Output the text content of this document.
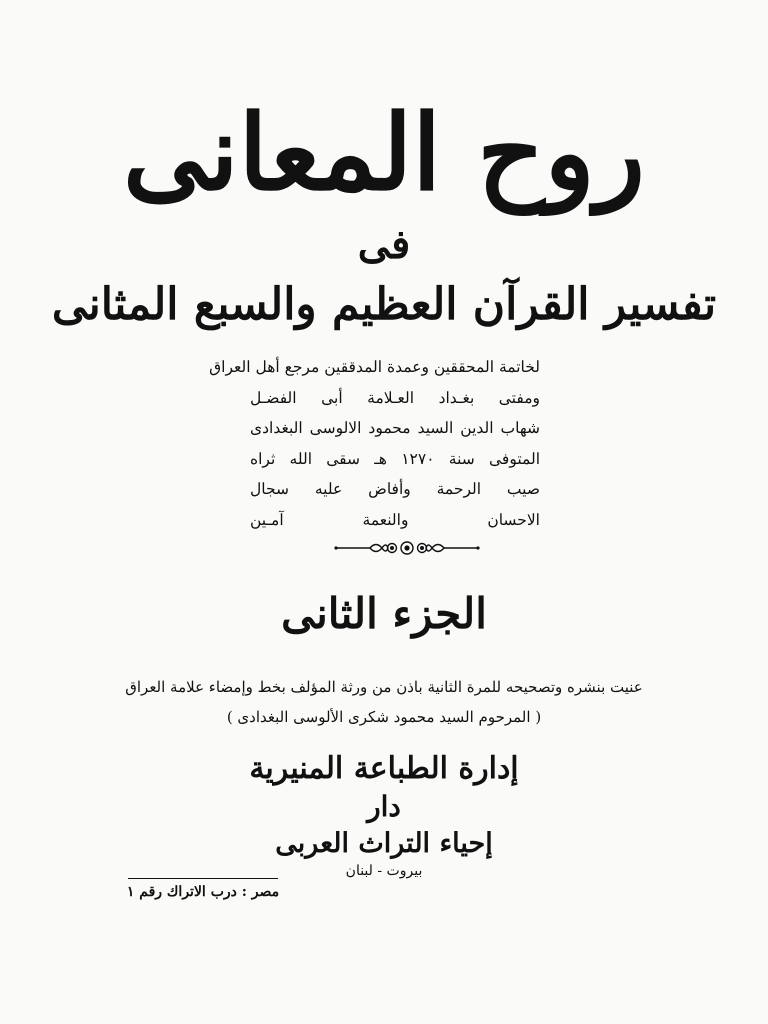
روح المعانى
فى
تفسير القرآن العظيم والسبع المثانى
لخاتمة المحققين وعمدة المدققين مرجع أهل العراق
ومفتى بغـداد العـلامة أبى الفضـل
شهاب الدين السيد محمود الالوسى البغدادى
المتوفى سنة ١٢٧٠ هـ سقى الله ثراه
صيب الرحمة وأفاض عليه سجال
الاحسان والنعمة آمـين
الجزء الثانى
عنيت بنشره وتصحيحه للمرة الثانية باذن من ورثة المؤلف بخط وإمضاء علامة العراق
( المرحوم السيد محمود شكرى الألوسى البغدادى )
إدارة الطباعة المنيرية
دار
إحياء التراث العربى
بيروت - لبنان
مصر : درب الاتراك رقم ١
